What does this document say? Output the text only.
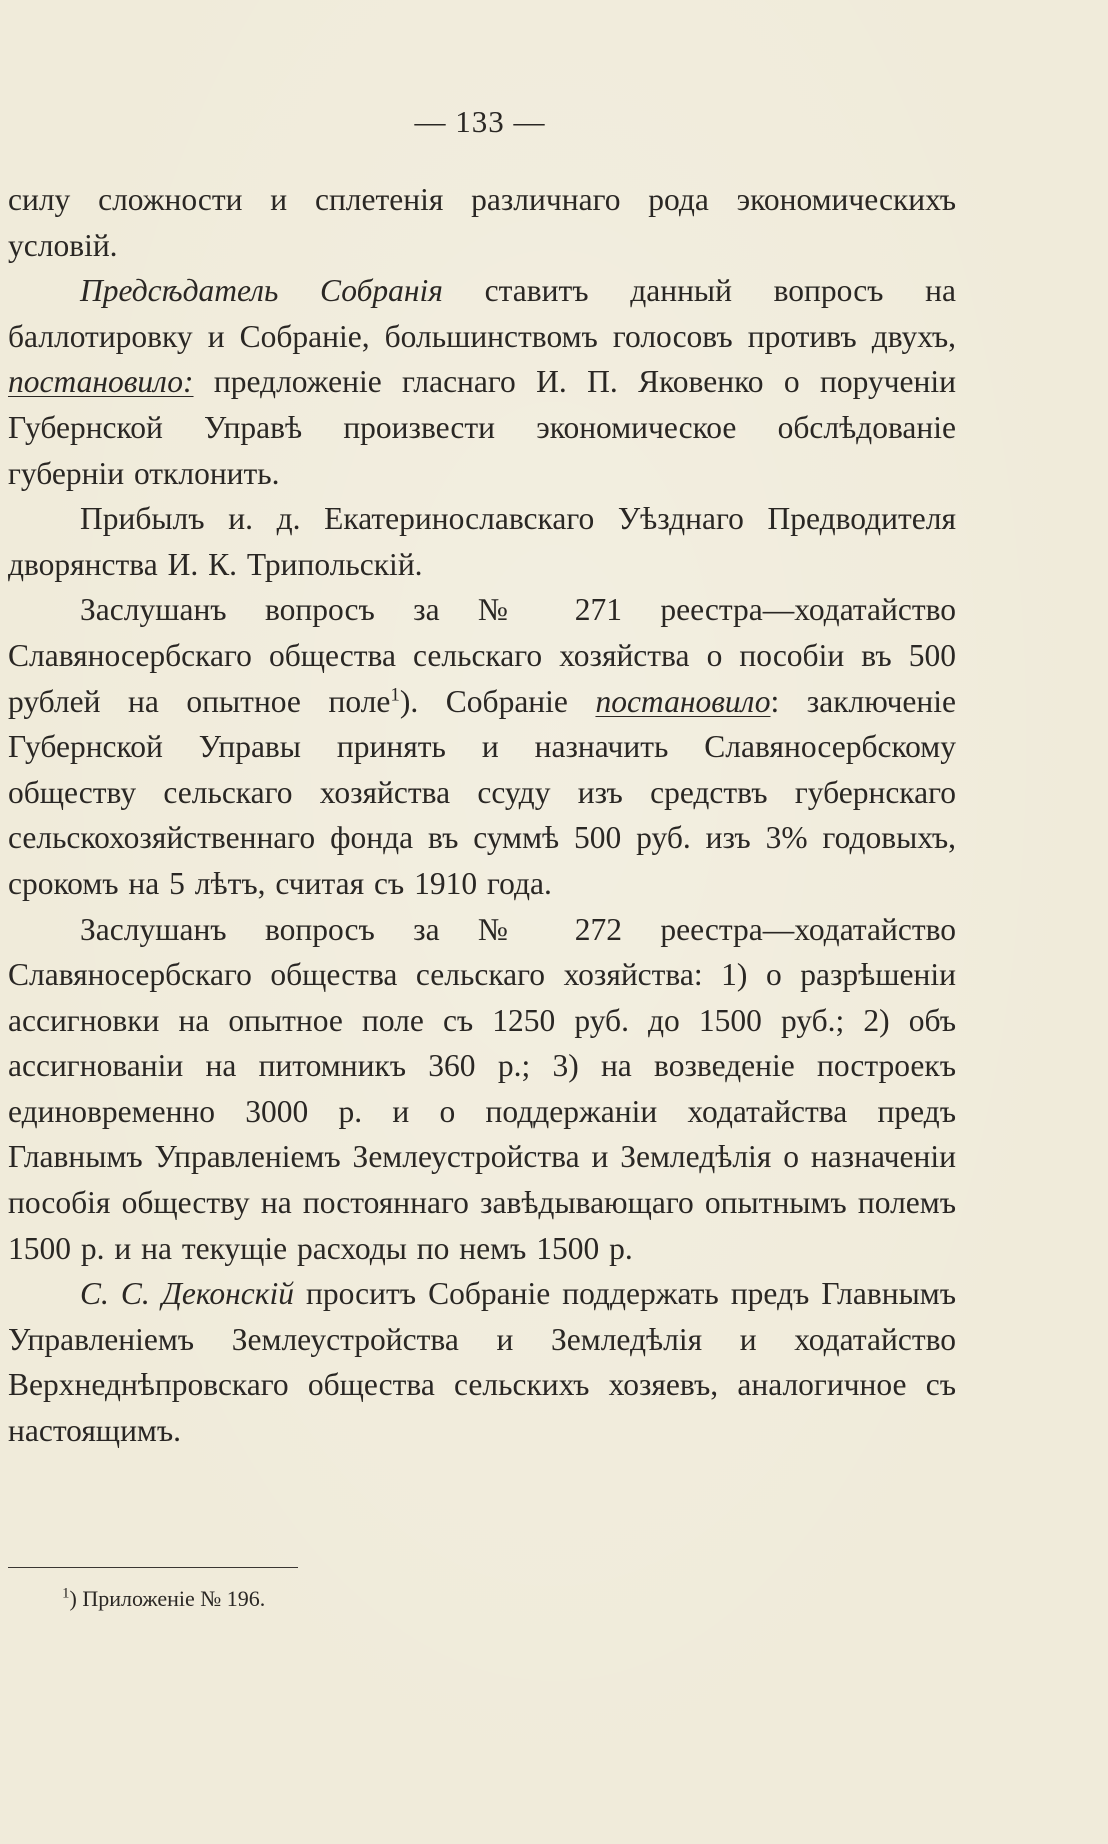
— 133 —

силу сложности и сплетенія различнаго рода экономическихъ условій.

Предсѣдатель Собранія ставитъ данный вопросъ на баллотировку и Собраніе, большинствомъ голосовъ противъ двухъ, постановило: предложеніе гласнаго И. П. Яковенко о порученіи Губернской Управѣ произвести экономическое обслѣдованіе губерніи отклонить.

Прибылъ и. д. Екатеринославскаго Уѣзднаго Предводителя дворянства И. К. Трипольскій.

Заслушанъ вопросъ за № 271 реестра—ходатайство Славяносербскаго общества сельскаго хозяйства о пособіи въ 500 рублей на опытное поле$^1$). Собраніе постановило: заключеніе Губернской Управы принять и назначить Славяносербскому обществу сельскаго хозяйства ссуду изъ средствъ губернскаго сельскохозяйственнаго фонда въ суммѣ 500 руб. изъ 3% годовыхъ, срокомъ на 5 лѣтъ, считая съ 1910 года.

Заслушанъ вопросъ за № 272 реестра—ходатайство Славяносербскаго общества сельскаго хозяйства: 1) о разрѣшеніи ассигновки на опытное поле съ 1250 руб. до 1500 руб.; 2) объ ассигнованіи на питомникъ 360 р.; 3) на возведеніе построекъ единовременно 3000 р. и о поддержаніи ходатайства предъ Главнымъ Управленіемъ Землеустройства и Земледѣлія о назначеніи пособія обществу на постояннаго завѣдывающаго опытнымъ полемъ 1500 р. и на текущіе расходы по немъ 1500 р.

С. С. Деконскій проситъ Собраніе поддержать предъ Главнымъ Управленіемъ Землеустройства и Земледѣлія и ходатайство Верхнеднѣпровскаго общества сельскихъ хозяевъ, аналогичное съ настоящимъ.

$^1$) Приложеніе № 196.
